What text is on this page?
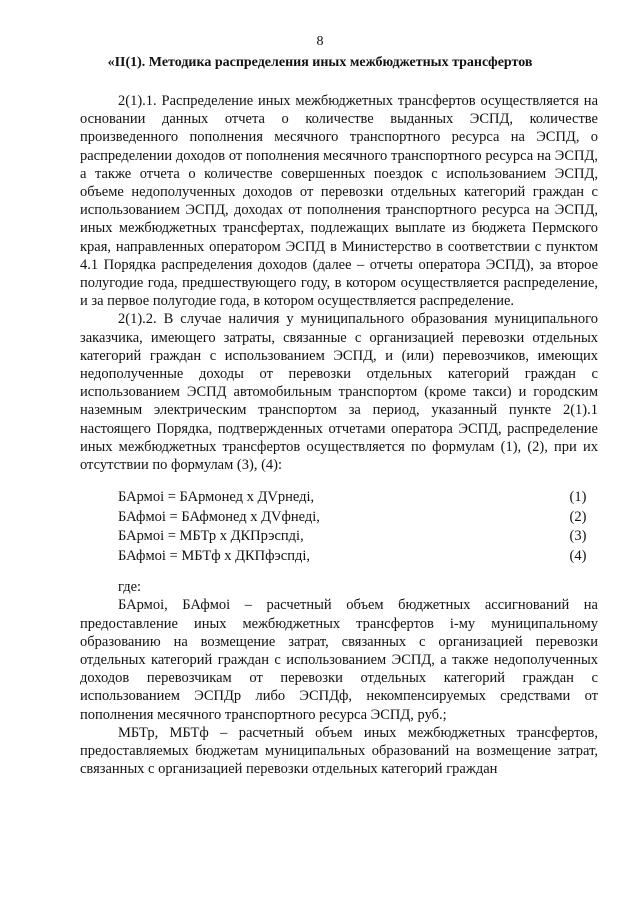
8
«II(1). Методика распределения иных межбюджетных трансфертов

2(1).1. Распределение иных межбюджетных трансфертов осуществляется на основании данных отчета о количестве выданных ЭСПД, количестве произведенного пополнения месячного транспортного ресурса на ЭСПД, о распределении доходов от пополнения месячного транспортного ресурса на ЭСПД, а также отчета о количестве совершенных поездок с использованием ЭСПД, объеме недополученных доходов от перевозки отдельных категорий граждан с использованием ЭСПД, доходах от пополнения транспортного ресурса на ЭСПД, иных межбюджетных трансфертах, подлежащих выплате из бюджета Пермского края, направленных оператором ЭСПД в Министерство в соответствии с пунктом 4.1 Порядка распределения доходов (далее – отчеты оператора ЭСПД), за второе полугодие года, предшествующего году, в котором осуществляется распределение, и за первое полугодие года, в котором осуществляется распределение.

2(1).2. В случае наличия у муниципального образования муниципального заказчика, имеющего затраты, связанные с организацией перевозки отдельных категорий граждан с использованием ЭСПД, и (или) перевозчиков, имеющих недополученные доходы от перевозки отдельных категорий граждан с использованием ЭСПД автомобильным транспортом (кроме такси) и городским наземным электрическим транспортом за период, указанный пункте 2(1).1 настоящего Порядка, подтвержденных отчетами оператора ЭСПД, распределение иных межбюджетных трансфертов осуществляется по формулам (1), (2), при их отсутствии по формулам (3), (4):

БАрмоi = БАрмонед х ДVрнедi,	(1)
БАфмоi = БАфмонед х ДVфнедi,	(2)
БАрмоi = МБТр х ДКПрэспдi,	(3)
БАфмоi = МБТф х ДКПфэспдi,	(4)

где:

БАрмоi, БАфмоi – расчетный объем бюджетных ассигнований на предоставление иных межбюджетных трансфертов i-му муниципальному образованию на возмещение затрат, связанных с организацией перевозки отдельных категорий граждан с использованием ЭСПД, а также недополученных доходов перевозчикам от перевозки отдельных категорий граждан с использованием ЭСПДр либо ЭСПДф, некомпенсируемых средствами от пополнения месячного транспортного ресурса ЭСПД, руб.;

МБТр, МБТф – расчетный объем иных межбюджетных трансфертов, предоставляемых бюджетам муниципальных образований на возмещение затрат, связанных с организацией перевозки отдельных категорий граждан
